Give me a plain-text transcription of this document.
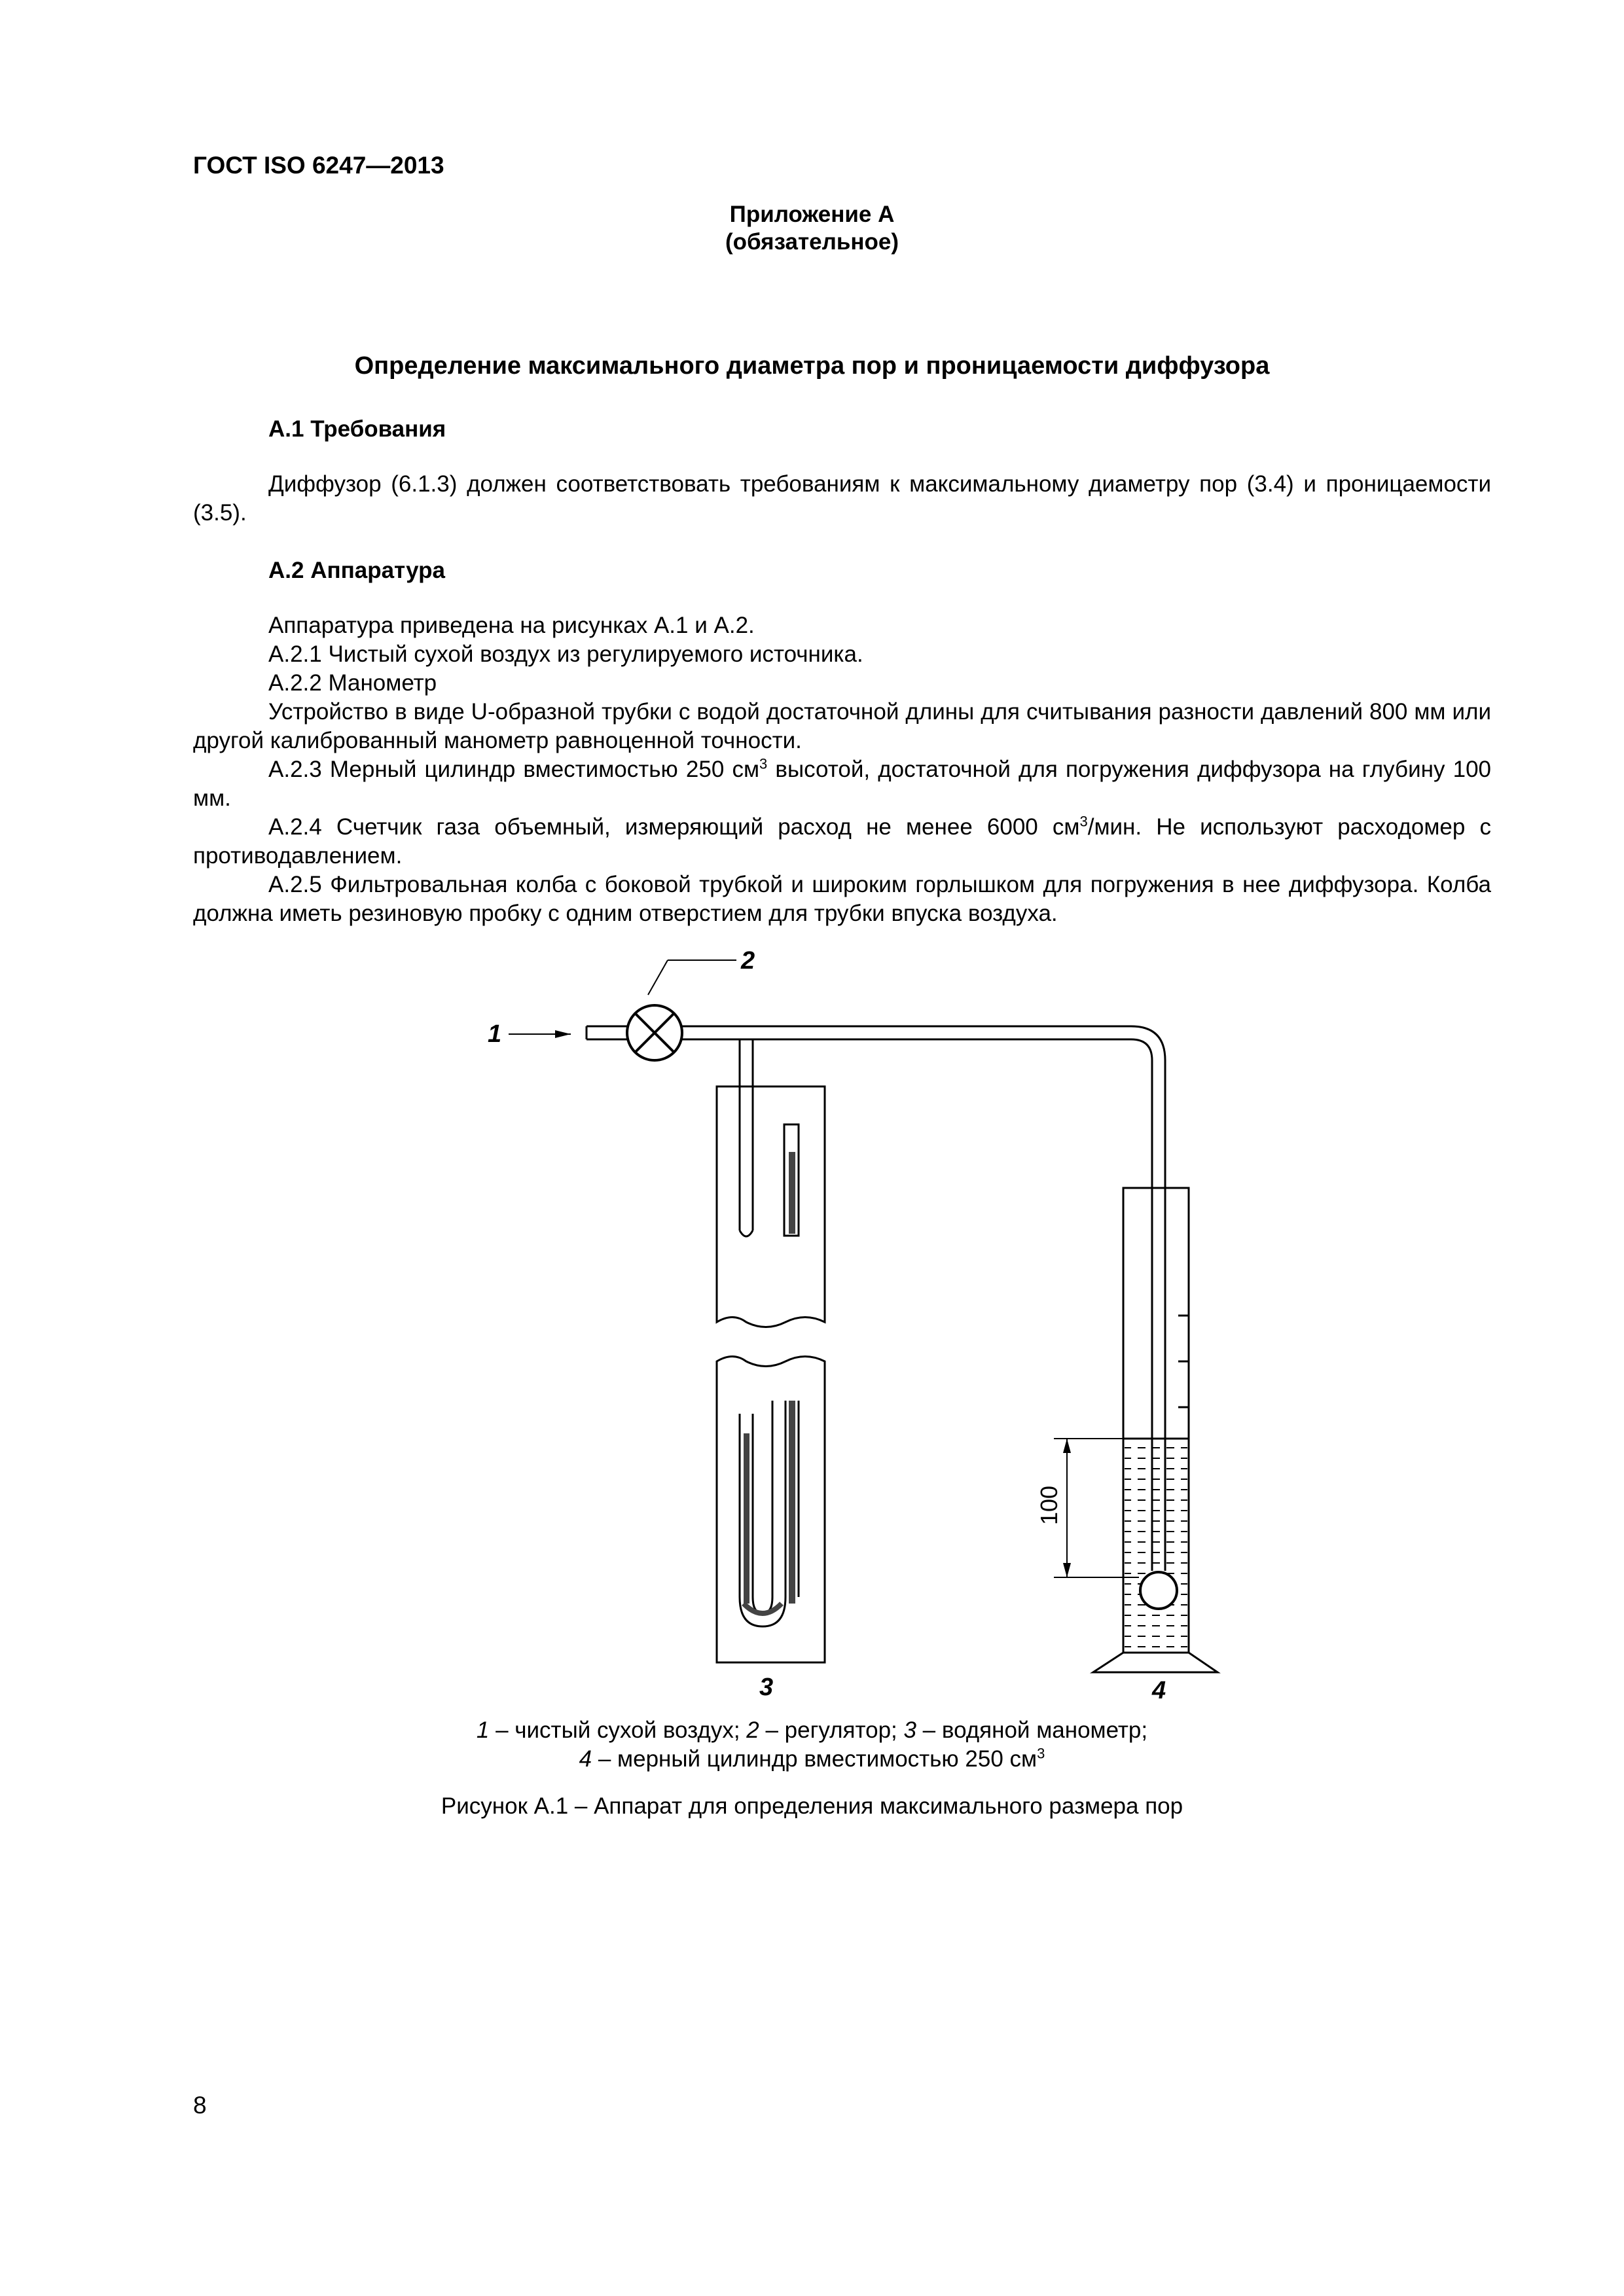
ГОСТ ISO 6247—2013
Приложение А
(обязательное)
Определение максимального диаметра пор и проницаемости диффузора
А.1 Требования

Диффузор (6.1.3) должен соответствовать требованиям к максимальному диаметру пор (3.4) и проницаемости (3.5).

А.2 Аппаратура

Аппаратура приведена на рисунках А.1 и А.2.

А.2.1 Чистый сухой воздух из регулируемого источника.

А.2.2 Манометр

Устройство в виде U-образной трубки с водой достаточной длины для считывания разности давлений 800 мм или другой калиброванный манометр равноценной точности.

А.2.3 Мерный цилиндр вместимостью 250 $см^3$ высотой, достаточной для погружения диффузора на глубину 100 мм.

А.2.4 Счетчик газа объемный, измеряющий расход не менее 6000 $см^3$/мин. Не используют расходомер с противодавлением.

А.2.5 Фильтровальная колба с боковой трубкой и широким горлышком для погружения в нее диффузора. Колба должна иметь резиновую пробку с одним отверстием для трубки впуска воздуха.

2
1
3	4
100
1 – чистый сухой воздух; 2 – регулятор; 3 – водяной манометр;
4 – мерный цилиндр вместимостью 250 $см^3$
Рисунок А.1 – Аппарат для определения максимального размера пор
8
